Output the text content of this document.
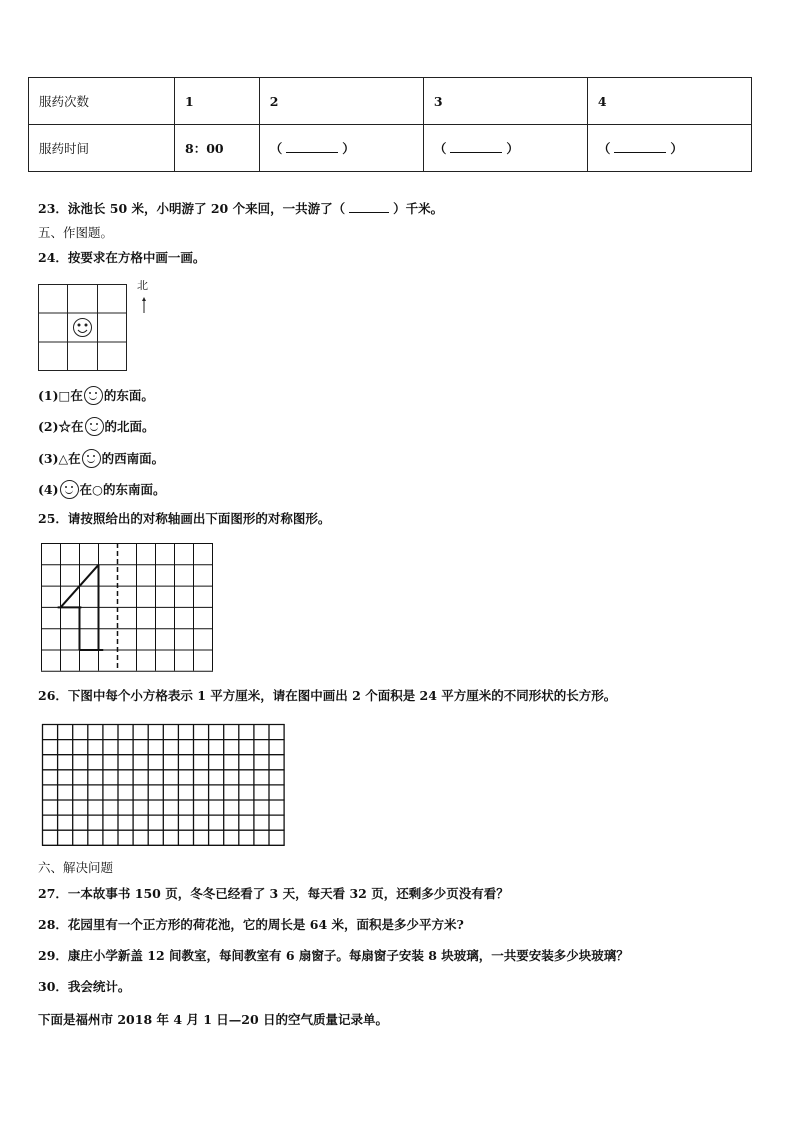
服药次数	1	2	3	4
服药时间	8：00	（ ）	（ ）	（ ）
23．泳池长 50 米，小明游了 20 个来回，一共游了（	）千米。
五、作图题。
24．按要求在方格中画一画。
北
(1)□在 的东面。
(2)☆在 的北面。
(3)△在 的西南面。
(4) 在○的东南面。
25．请按照给出的对称轴画出下面图形的对称图形。
26．下图中每个小方格表示 1 平方厘米，请在图中画出 2 个面积是 24 平方厘米的不同形状的长方形。
六、解决问题
27．一本故事书 150 页，冬冬已经看了 3 天，每天看 32 页，还剩多少页没有看？
28．花园里有一个正方形的荷花池，它的周长是 64 米，面积是多少平方米?
29．康庄小学新盖 12 间教室，每间教室有 6 扇窗子。每扇窗子安装 8 块玻璃，一共要安装多少块玻璃？
30．我会统计。
下面是福州市 2018 年 4 月 1 日—20 日的空气质量记录单。
